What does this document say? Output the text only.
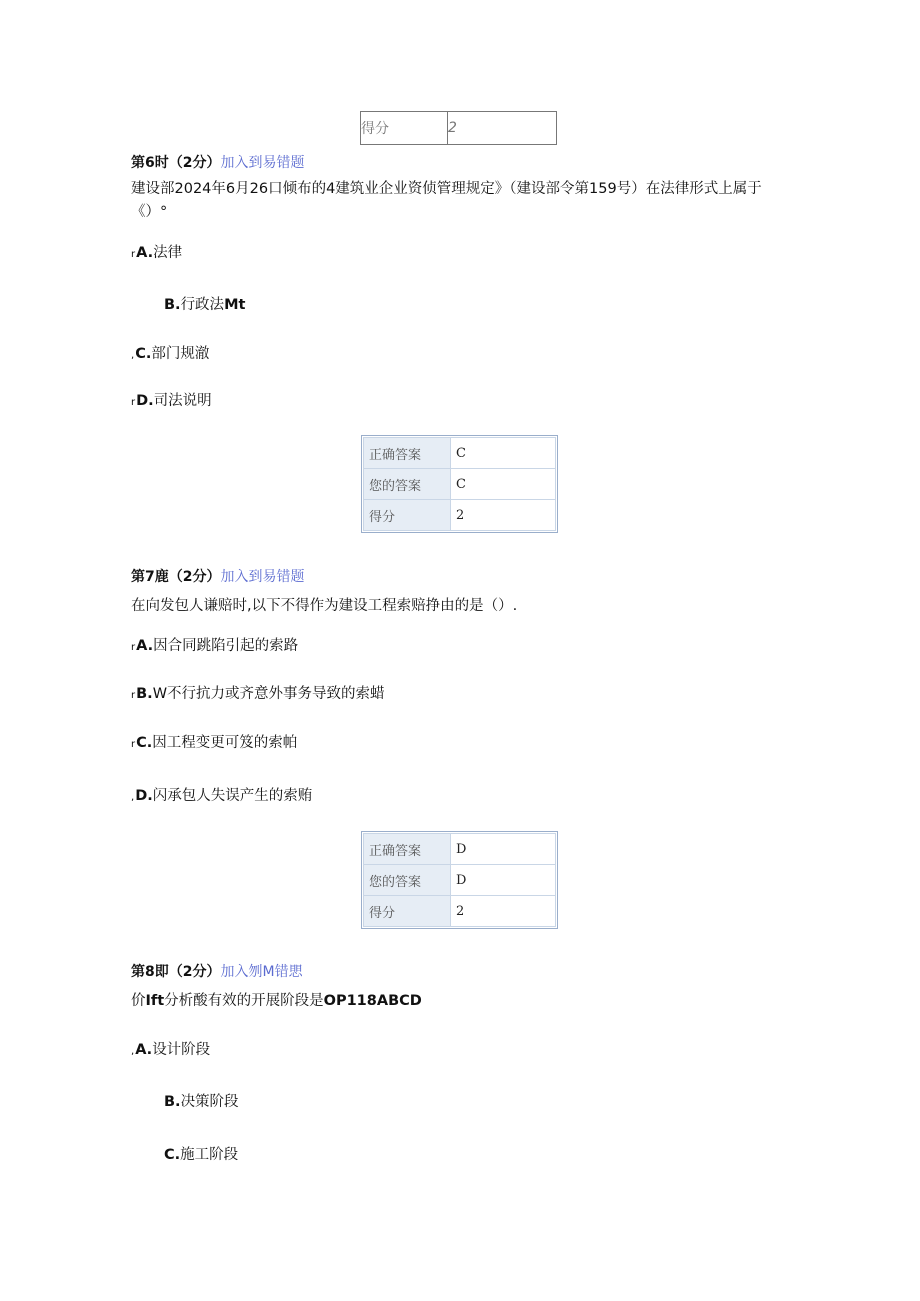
得分	2
第6时（2分）加入到易错题
建设部2024年6月26口倾布的4建筑业企业资侦管理规定》（建设部令第159号）在法律形式上属于
《）°
rA.法律
B.行政法Mt
,C.部门规澈
rD.司法说明
正确答案	C
您的答案	C
得分	2
第7鹿（2分）加入到易错题
在向发包人谦赔时,以下不得作为建设工程索赔挣由的是（）.
rA.因合同跳陷引起的索路
rB.W不行抗力或齐意外事务导致的索蜡
rC.因工程变更可笈的索帕
,D.闪承包人失误产生的索贿
正确答案	D
您的答案	D
得分	2
第8即（2分）加入刎M错愳
价Ift分析酸有效的开展阶段是OP118ABCD
,A.设计阶段
B.决策阶段
C.施工阶段
